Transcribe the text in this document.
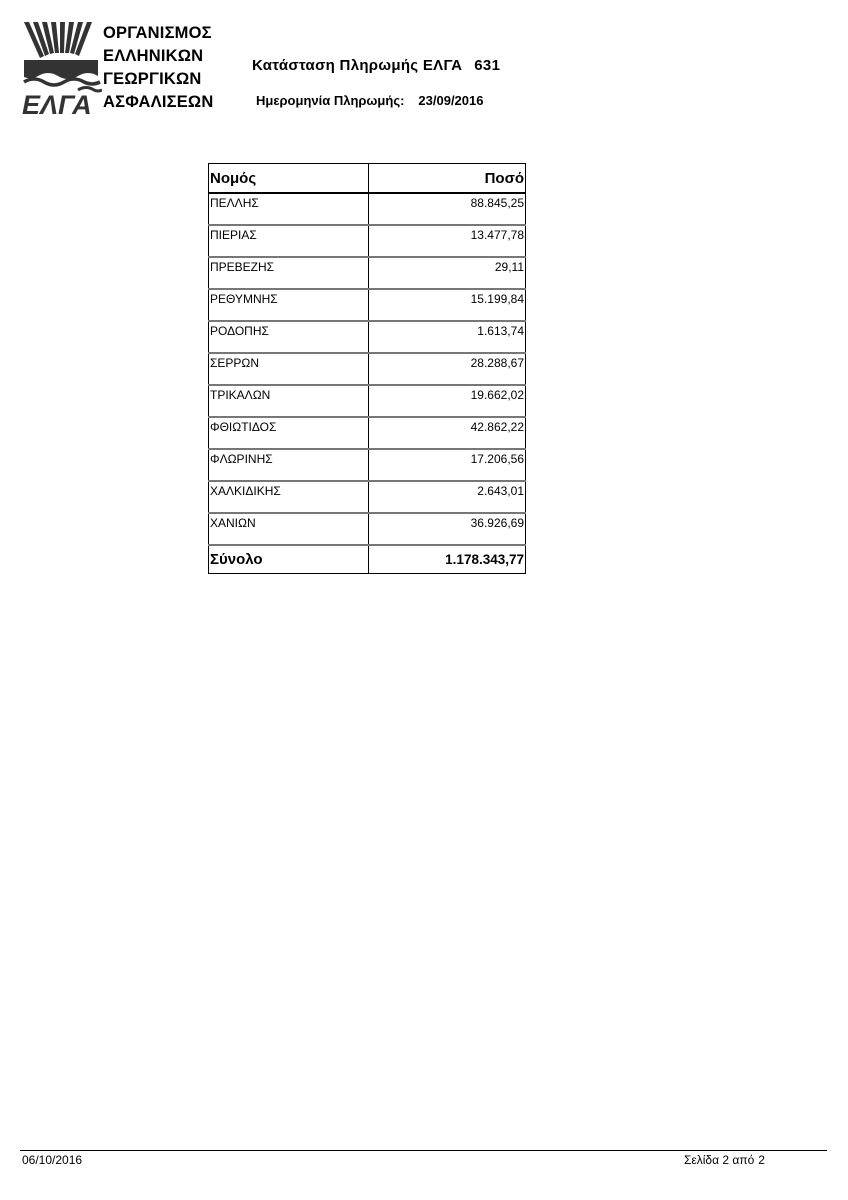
ΕΛΓΑ
ΟΡΓΑΝΙΣΜΟΣ
ΕΛΛΗΝΙΚΩΝ
ΓΕΩΡΓΙΚΩΝ
ΑΣΦΑΛΙΣΕΩΝ
Κατάσταση Πληρωμής ΕΛΓΑ 631
Ημερομηνία Πληρωμής: 23/09/2016
Νομός	Ποσό
ΠΕΛΛΗΣ	88.845,25
ΠΙΕΡΙΑΣ	13.477,78
ΠΡΕΒΕΖΗΣ	29,11
ΡΕΘΥΜΝΗΣ	15.199,84
ΡΟΔΟΠΗΣ	1.613,74
ΣΕΡΡΩΝ	28.288,67
ΤΡΙΚΑΛΩΝ	19.662,02
ΦΘΙΩΤΙΔΟΣ	42.862,22
ΦΛΩΡΙΝΗΣ	17.206,56
ΧΑΛΚΙΔΙΚΗΣ	2.643,01
ΧΑΝΙΩΝ	36.926,69
Σύνολο	1.178.343,77
06/10/2016	Σελίδα 2 από 2
